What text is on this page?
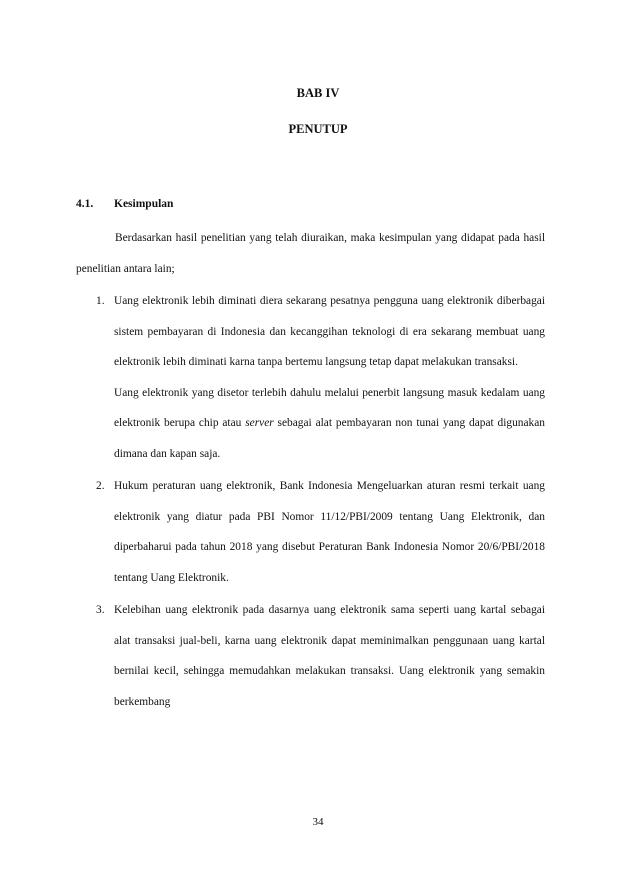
BAB IV
PENUTUP
4.1. Kesimpulan

Berdasarkan hasil penelitian yang telah diuraikan, maka kesimpulan yang didapat pada hasil penelitian antara lain;

1. Uang elektronik lebih diminati diera sekarang pesatnya pengguna uang elektronik diberbagai sistem pembayaran di Indonesia dan kecanggihan teknologi di era sekarang membuat uang elektronik lebih diminati karna tanpa bertemu langsung tetap dapat melakukan transaksi.

Uang elektronik yang disetor terlebih dahulu melalui penerbit langsung masuk kedalam uang elektronik berupa chip atau server sebagai alat pembayaran non tunai yang dapat digunakan dimana dan kapan saja.

2. Hukum peraturan uang elektronik, Bank Indonesia Mengeluarkan aturan resmi terkait uang elektronik yang diatur pada PBI Nomor 11/12/PBI/2009 tentang Uang Elektronik, dan diperbaharui pada tahun 2018 yang disebut Peraturan Bank Indonesia Nomor 20/6/PBI/2018 tentang Uang Elektronik.

3. Kelebihan uang elektronik pada dasarnya uang elektronik sama seperti uang kartal sebagai alat transaksi jual-beli, karna uang elektronik dapat meminimalkan penggunaan uang kartal bernilai kecil, sehingga memudahkan melakukan transaksi. Uang elektronik yang semakin berkembang

34
